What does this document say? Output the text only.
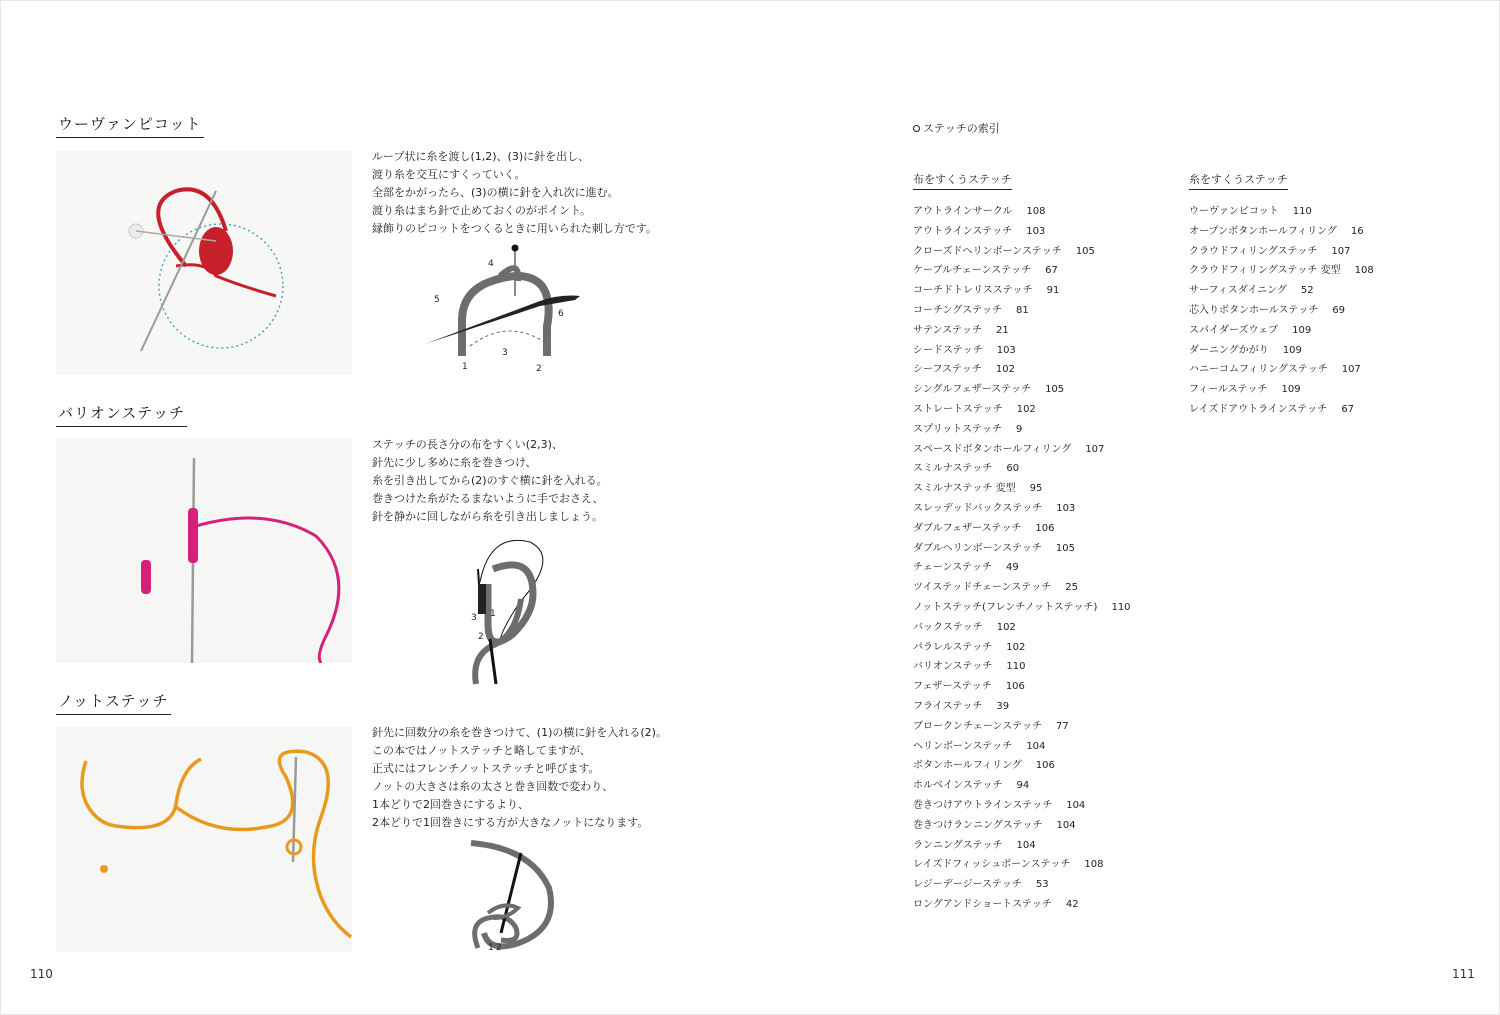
ウーヴァンピコット
ループ状に糸を渡し(1,2)、(3)に針を出し、
渡り糸を交互にすくっていく。
全部をかがったら、(3)の横に針を入れ次に進む。
渡り糸はまち針で止めておくのがポイント。
縁飾りのピコットをつくるときに用いられた刺し方です。
4
5
6
3
1	2
バリオンステッチ
ステッチの長さ分の布をすくい(2,3)、
針先に少し多めに糸を巻きつけ、
糸を引き出してから(2)のすぐ横に針を入れる。
巻きつけた糸がたるまないように手でおさえ、
針を静かに回しながら糸を引き出しましょう。
3 1
2
ノットステッチ
針先に回数分の糸を巻きつけて、(1)の横に針を入れる(2)。
この本ではノットステッチと略してますが、
正式にはフレンチノットステッチと呼びます。
ノットの大きさは糸の太さと巻き回数で変わり、
1本どりで2回巻きにするより、
2本どりで1回巻きにする方が大きなノットになります。
1 2
110
ステッチの索引
布をすくうステッチ	糸をすくうステッチ
アウトラインサークル 108
アウトラインステッチ 103
クローズドヘリンボーンステッチ 105
ケーブルチェーンステッチ 67
コーチドトレリスステッチ 91
コーチングステッチ 81
サテンステッチ 21
シードステッチ 103
シーフステッチ 102
シングルフェザーステッチ 105
ストレートステッチ 102
スプリットステッチ 9
スペースドボタンホールフィリング 107
スミルナステッチ 60
スミルナステッチ 変型 95
スレッデッドバックステッチ 103
ダブルフェザーステッチ 106
ダブルヘリンボーンステッチ 105
チェーンステッチ 49
ツイステッドチェーンステッチ 25
ノットステッチ(フレンチノットステッチ) 110
バックステッチ 102
パラレルステッチ 102
バリオンステッチ 110
フェザーステッチ 106
フライステッチ 39
ブロークンチェーンステッチ 77
ヘリンボーンステッチ 104
ボタンホールフィリング 106
ホルベインステッチ 94
巻きつけアウトラインステッチ 104
巻きつけランニングステッチ 104
ランニングステッチ 104
レイズドフィッシュボーンステッチ 108
レジーデージーステッチ 53
ロングアンドショートステッチ 42
ウーヴァンピコット 110
オープンボタンホールフィリング 16
クラウドフィリングステッチ 107
クラウドフィリングステッチ 変型 108
サーフィスダイニング 52
芯入りボタンホールステッチ 69
スパイダーズウェブ 109
ダーニングかがり 109
ハニーコムフィリングステッチ 107
フィールステッチ 109
レイズドアウトラインステッチ 67
111
